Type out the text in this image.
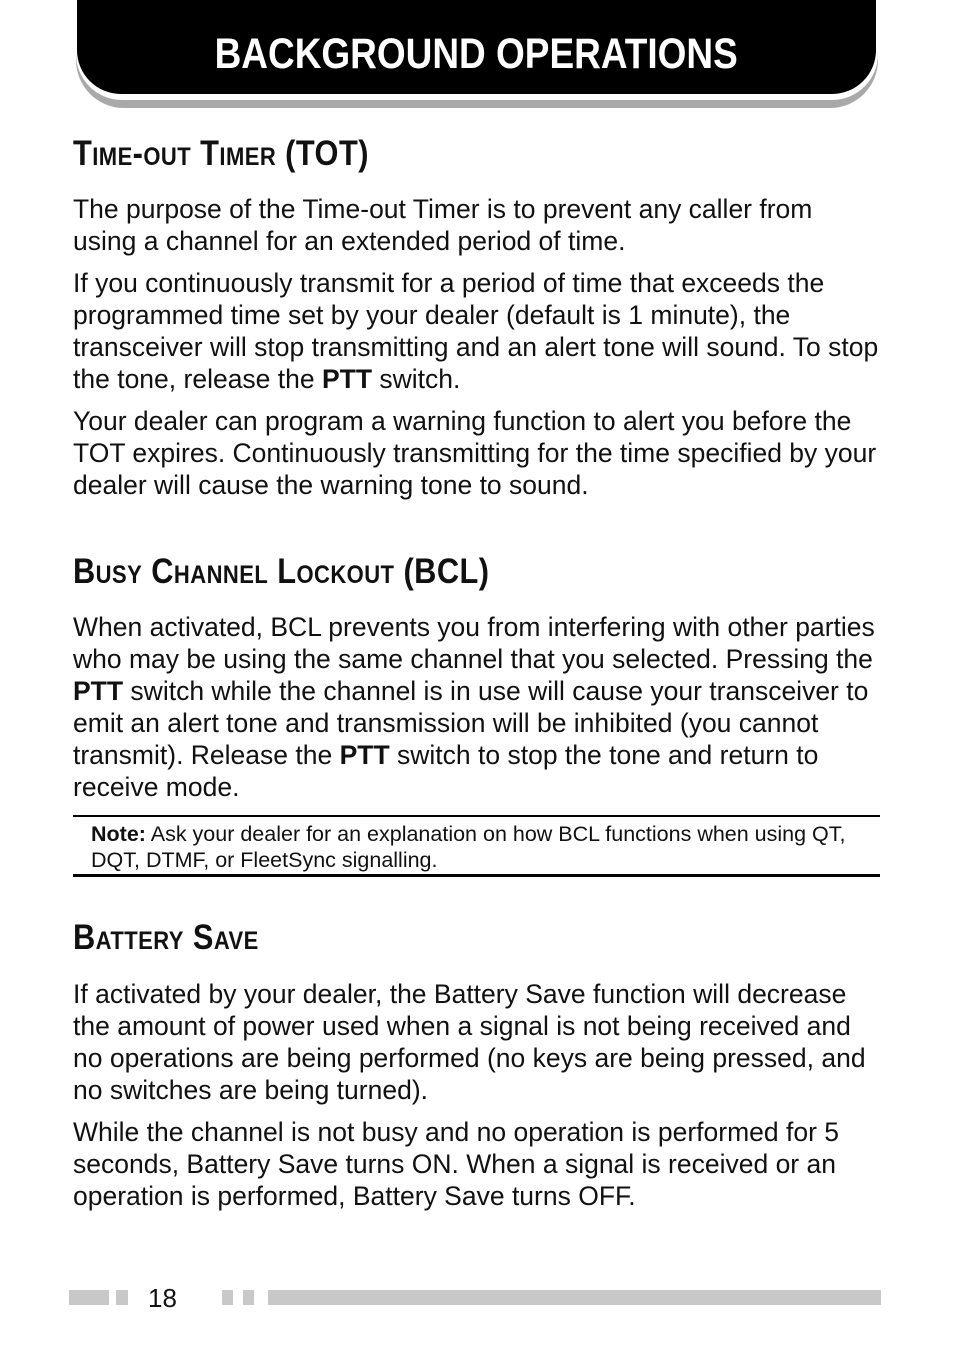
BACKGROUND OPERATIONS
Time-out Timer (TOT)

The purpose of the Time-out Timer is to prevent any caller from using a channel for an extended period of time.

If you continuously transmit for a period of time that exceeds the programmed time set by your dealer (default is 1 minute), the transceiver will stop transmitting and an alert tone will sound. To stop the tone, release the PTT switch.

Your dealer can program a warning function to alert you before the TOT expires. Continuously transmitting for the time specified by your dealer will cause the warning tone to sound.

Busy Channel Lockout (BCL)

When activated, BCL prevents you from interfering with other parties who may be using the same channel that you selected. Pressing the PTT switch while the channel is in use will cause your transceiver to emit an alert tone and transmission will be inhibited (you cannot transmit). Release the PTT switch to stop the tone and return to receive mode.

Note: Ask your dealer for an explanation on how BCL functions when using QT, DQT, DTMF, or FleetSync signalling.
Battery Save

If activated by your dealer, the Battery Save function will decrease the amount of power used when a signal is not being received and no operations are being performed (no keys are being pressed, and no switches are being turned).

While the channel is not busy and no operation is performed for 5 seconds, Battery Save turns ON. When a signal is received or an operation is performed, Battery Save turns OFF.

18
